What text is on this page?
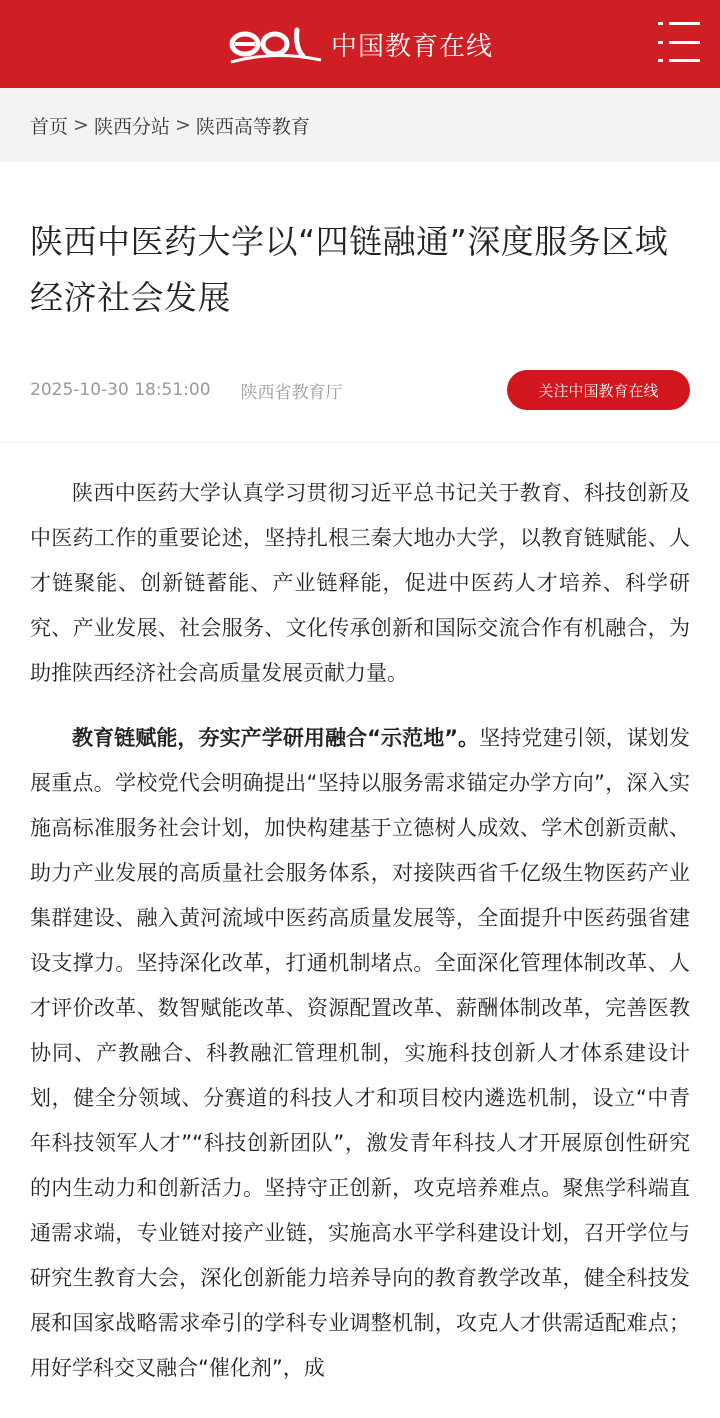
中国教育在线
首页 > 陕西分站 > 陕西高等教育
陕西中医药大学以“四链融通”深度服务区域经济社会发展
2025-10-30 18:51:00 陕西省教育厅	关注中国教育在线

陕西中医药大学认真学习贯彻习近平总书记关于教育、科技创新及中医药工作的重要论述，坚持扎根三秦大地办大学，以教育链赋能、人才链聚能、创新链蓄能、产业链释能，促进中医药人才培养、科学研究、产业发展、社会服务、文化传承创新和国际交流合作有机融合，为助推陕西经济社会高质量发展贡献力量。

教育链赋能，夯实产学研用融合“示范地”。坚持党建引领，谋划发展重点。学校党代会明确提出“坚持以服务需求锚定办学方向”，深入实施高标准服务社会计划，加快构建基于立德树人成效、学术创新贡献、助力产业发展的高质量社会服务体系，对接陕西省千亿级生物医药产业集群建设、融入黄河流域中医药高质量发展等，全面提升中医药强省建设支撑力。坚持深化改革，打通机制堵点。全面深化管理体制改革、人才评价改革、数智赋能改革、资源配置改革、薪酬体制改革，完善医教协同、产教融合、科教融汇管理机制，实施科技创新人才体系建设计划，健全分领域、分赛道的科技人才和项目校内遴选机制，设立“中青年科技领军人才”“科技创新团队”，激发青年科技人才开展原创性研究的内生动力和创新活力。坚持守正创新，攻克培养难点。聚焦学科端直通需求端，专业链对接产业链，实施高水平学科建设计划，召开学位与研究生教育大会，深化创新能力培养导向的教育教学改革，健全科技发展和国家战略需求牵引的学科专业调整机制，攻克人才供需适配难点；用好学科交叉融合“催化剂”，成
